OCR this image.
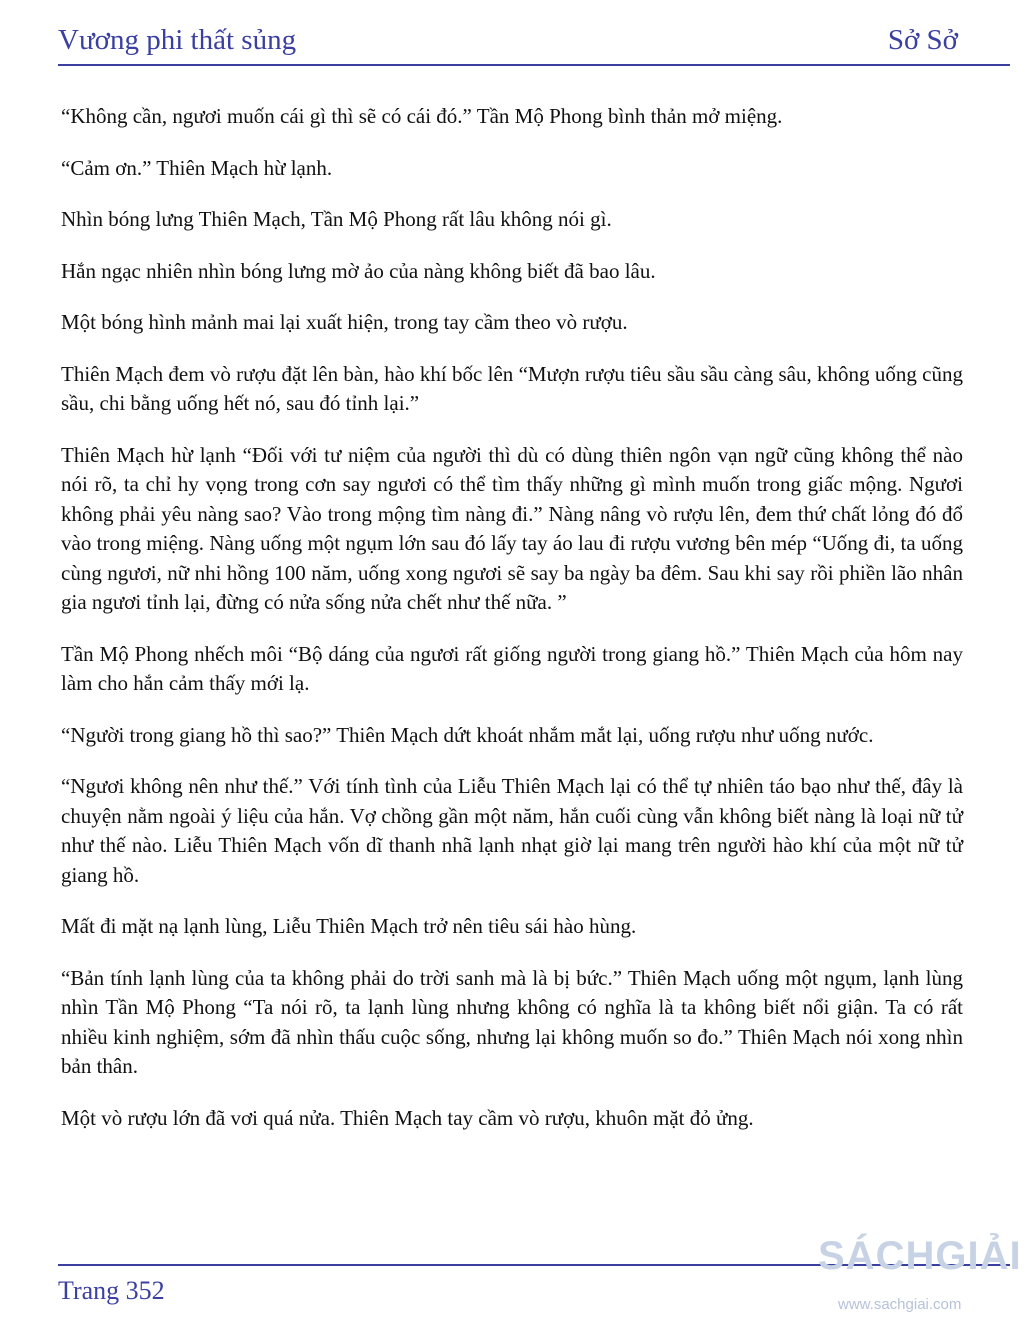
Vương phi thất sủng	Sở Sở

“Không cần, ngươi muốn cái gì thì sẽ có cái đó.” Tần Mộ Phong bình thản mở miệng.

“Cảm ơn.” Thiên Mạch hừ lạnh.

Nhìn bóng lưng Thiên Mạch, Tần Mộ Phong rất lâu không nói gì.

Hắn ngạc nhiên nhìn bóng lưng mờ ảo của nàng không biết đã bao lâu.

Một bóng hình mảnh mai lại xuất hiện, trong tay cầm theo vò rượu.

Thiên Mạch đem vò rượu đặt lên bàn, hào khí bốc lên “Mượn rượu tiêu sầu sầu càng sâu, không uống cũng sầu, chi bằng uống hết nó, sau đó tỉnh lại.”

Thiên Mạch hừ lạnh “Đối với tư niệm của người thì dù có dùng thiên ngôn vạn ngữ cũng không thể nào nói rõ, ta chỉ hy vọng trong cơn say ngươi có thể tìm thấy những gì mình muốn trong giấc mộng. Ngươi không phải yêu nàng sao? Vào trong mộng tìm nàng đi.” Nàng nâng vò rượu lên, đem thứ chất lỏng đó đổ vào trong miệng. Nàng uống một ngụm lớn sau đó lấy tay áo lau đi rượu vương bên mép “Uống đi, ta uống cùng ngươi, nữ nhi hồng 100 năm, uống xong ngươi sẽ say ba ngày ba đêm. Sau khi say rồi phiền lão nhân gia ngươi tỉnh lại, đừng có nửa sống nửa chết như thế nữa. ”

Tần Mộ Phong nhếch môi “Bộ dáng của ngươi rất giống người trong giang hồ.” Thiên Mạch của hôm nay làm cho hắn cảm thấy mới lạ.

“Người trong giang hồ thì sao?” Thiên Mạch dứt khoát nhắm mắt lại, uống rượu như uống nước.

“Ngươi không nên như thế.” Với tính tình của Liễu Thiên Mạch lại có thể tự nhiên táo bạo như thế, đây là chuyện nằm ngoài ý liệu của hắn. Vợ chồng gần một năm, hắn cuối cùng vẫn không biết nàng là loại nữ tử như thế nào. Liễu Thiên Mạch vốn dĩ thanh nhã lạnh nhạt giờ lại mang trên người hào khí của một nữ tử giang hồ.

Mất đi mặt nạ lạnh lùng, Liễu Thiên Mạch trở nên tiêu sái hào hùng.

“Bản tính lạnh lùng của ta không phải do trời sanh mà là bị bức.” Thiên Mạch uống một ngụm, lạnh lùng nhìn Tần Mộ Phong “Ta nói rõ, ta lạnh lùng nhưng không có nghĩa là ta không biết nổi giận. Ta có rất nhiều kinh nghiệm, sớm đã nhìn thấu cuộc sống, nhưng lại không muốn so đo.” Thiên Mạch nói xong nhìn bản thân.

Một vò rượu lớn đã vơi quá nửa. Thiên Mạch tay cầm vò rượu, khuôn mặt đỏ ửng.

Trang 352
SÁCHGIẢI
www.sachgiai.com
